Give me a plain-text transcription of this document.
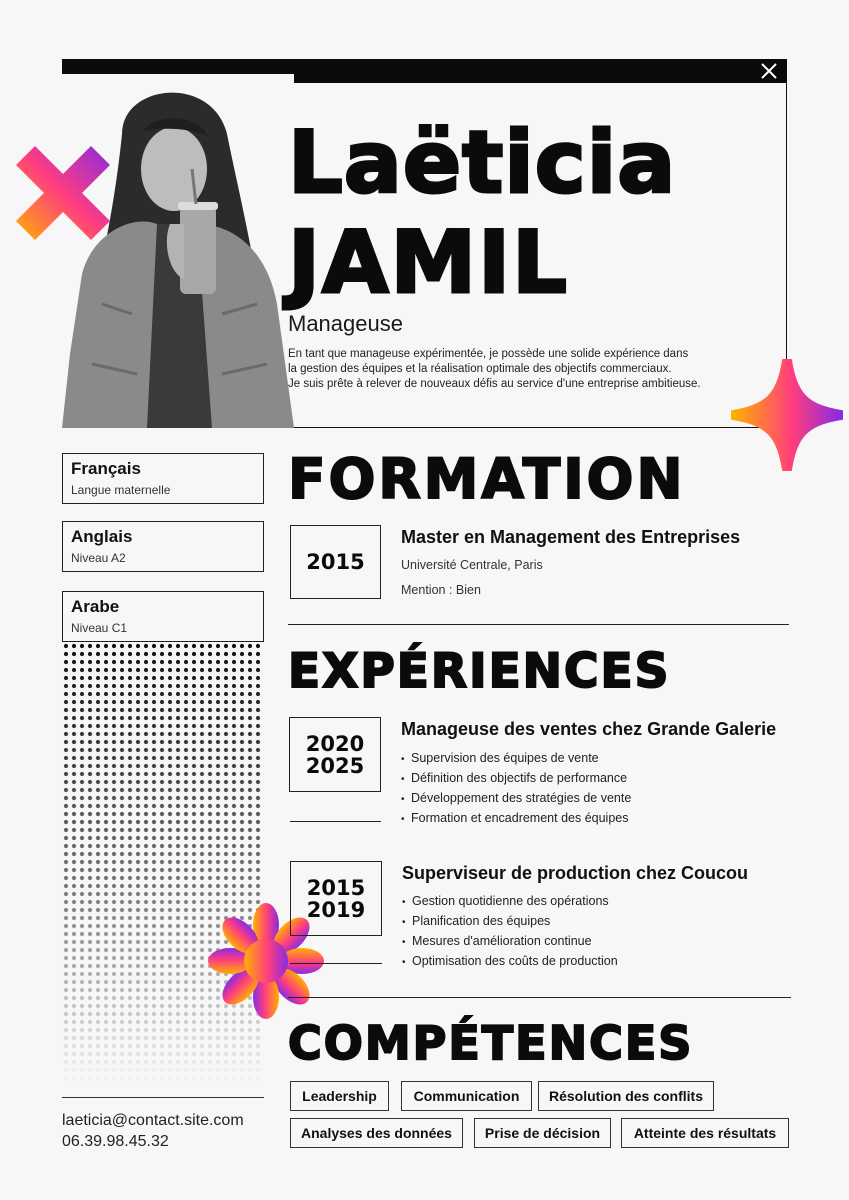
Laëticia
JAMIL
Manageuse

En tant que manageuse expérimentée, je possède une solide expérience dans

la gestion des équipes et la réalisation optimale des objectifs commerciaux.

Je suis prête à relever de nouveaux défis au service d'une entreprise ambitieuse.

Français
Langue maternelle
Anglais
Niveau A2
Arabe
Niveau C1
laeticia@contact.site.com
06.39.98.45.32
FORMATION
2015
Master en Management des Entreprises
Université Centrale, Paris
Mention : Bien
EXPÉRIENCES
2020
2025
Manageuse des ventes chez Grande Galerie
• Supervision des équipes de vente
• Définition des objectifs de performance
• Développement des stratégies de vente
• Formation et encadrement des équipes
2015
2019
Superviseur de production chez Coucou
• Gestion quotidienne des opérations
• Planification des équipes
• Mesures d'amélioration continue
• Optimisation des coûts de production
COMPÉTENCES
Leadership	Communication	Résolution des conflits
Analyses des données	Prise de décision	Atteinte des résultats
